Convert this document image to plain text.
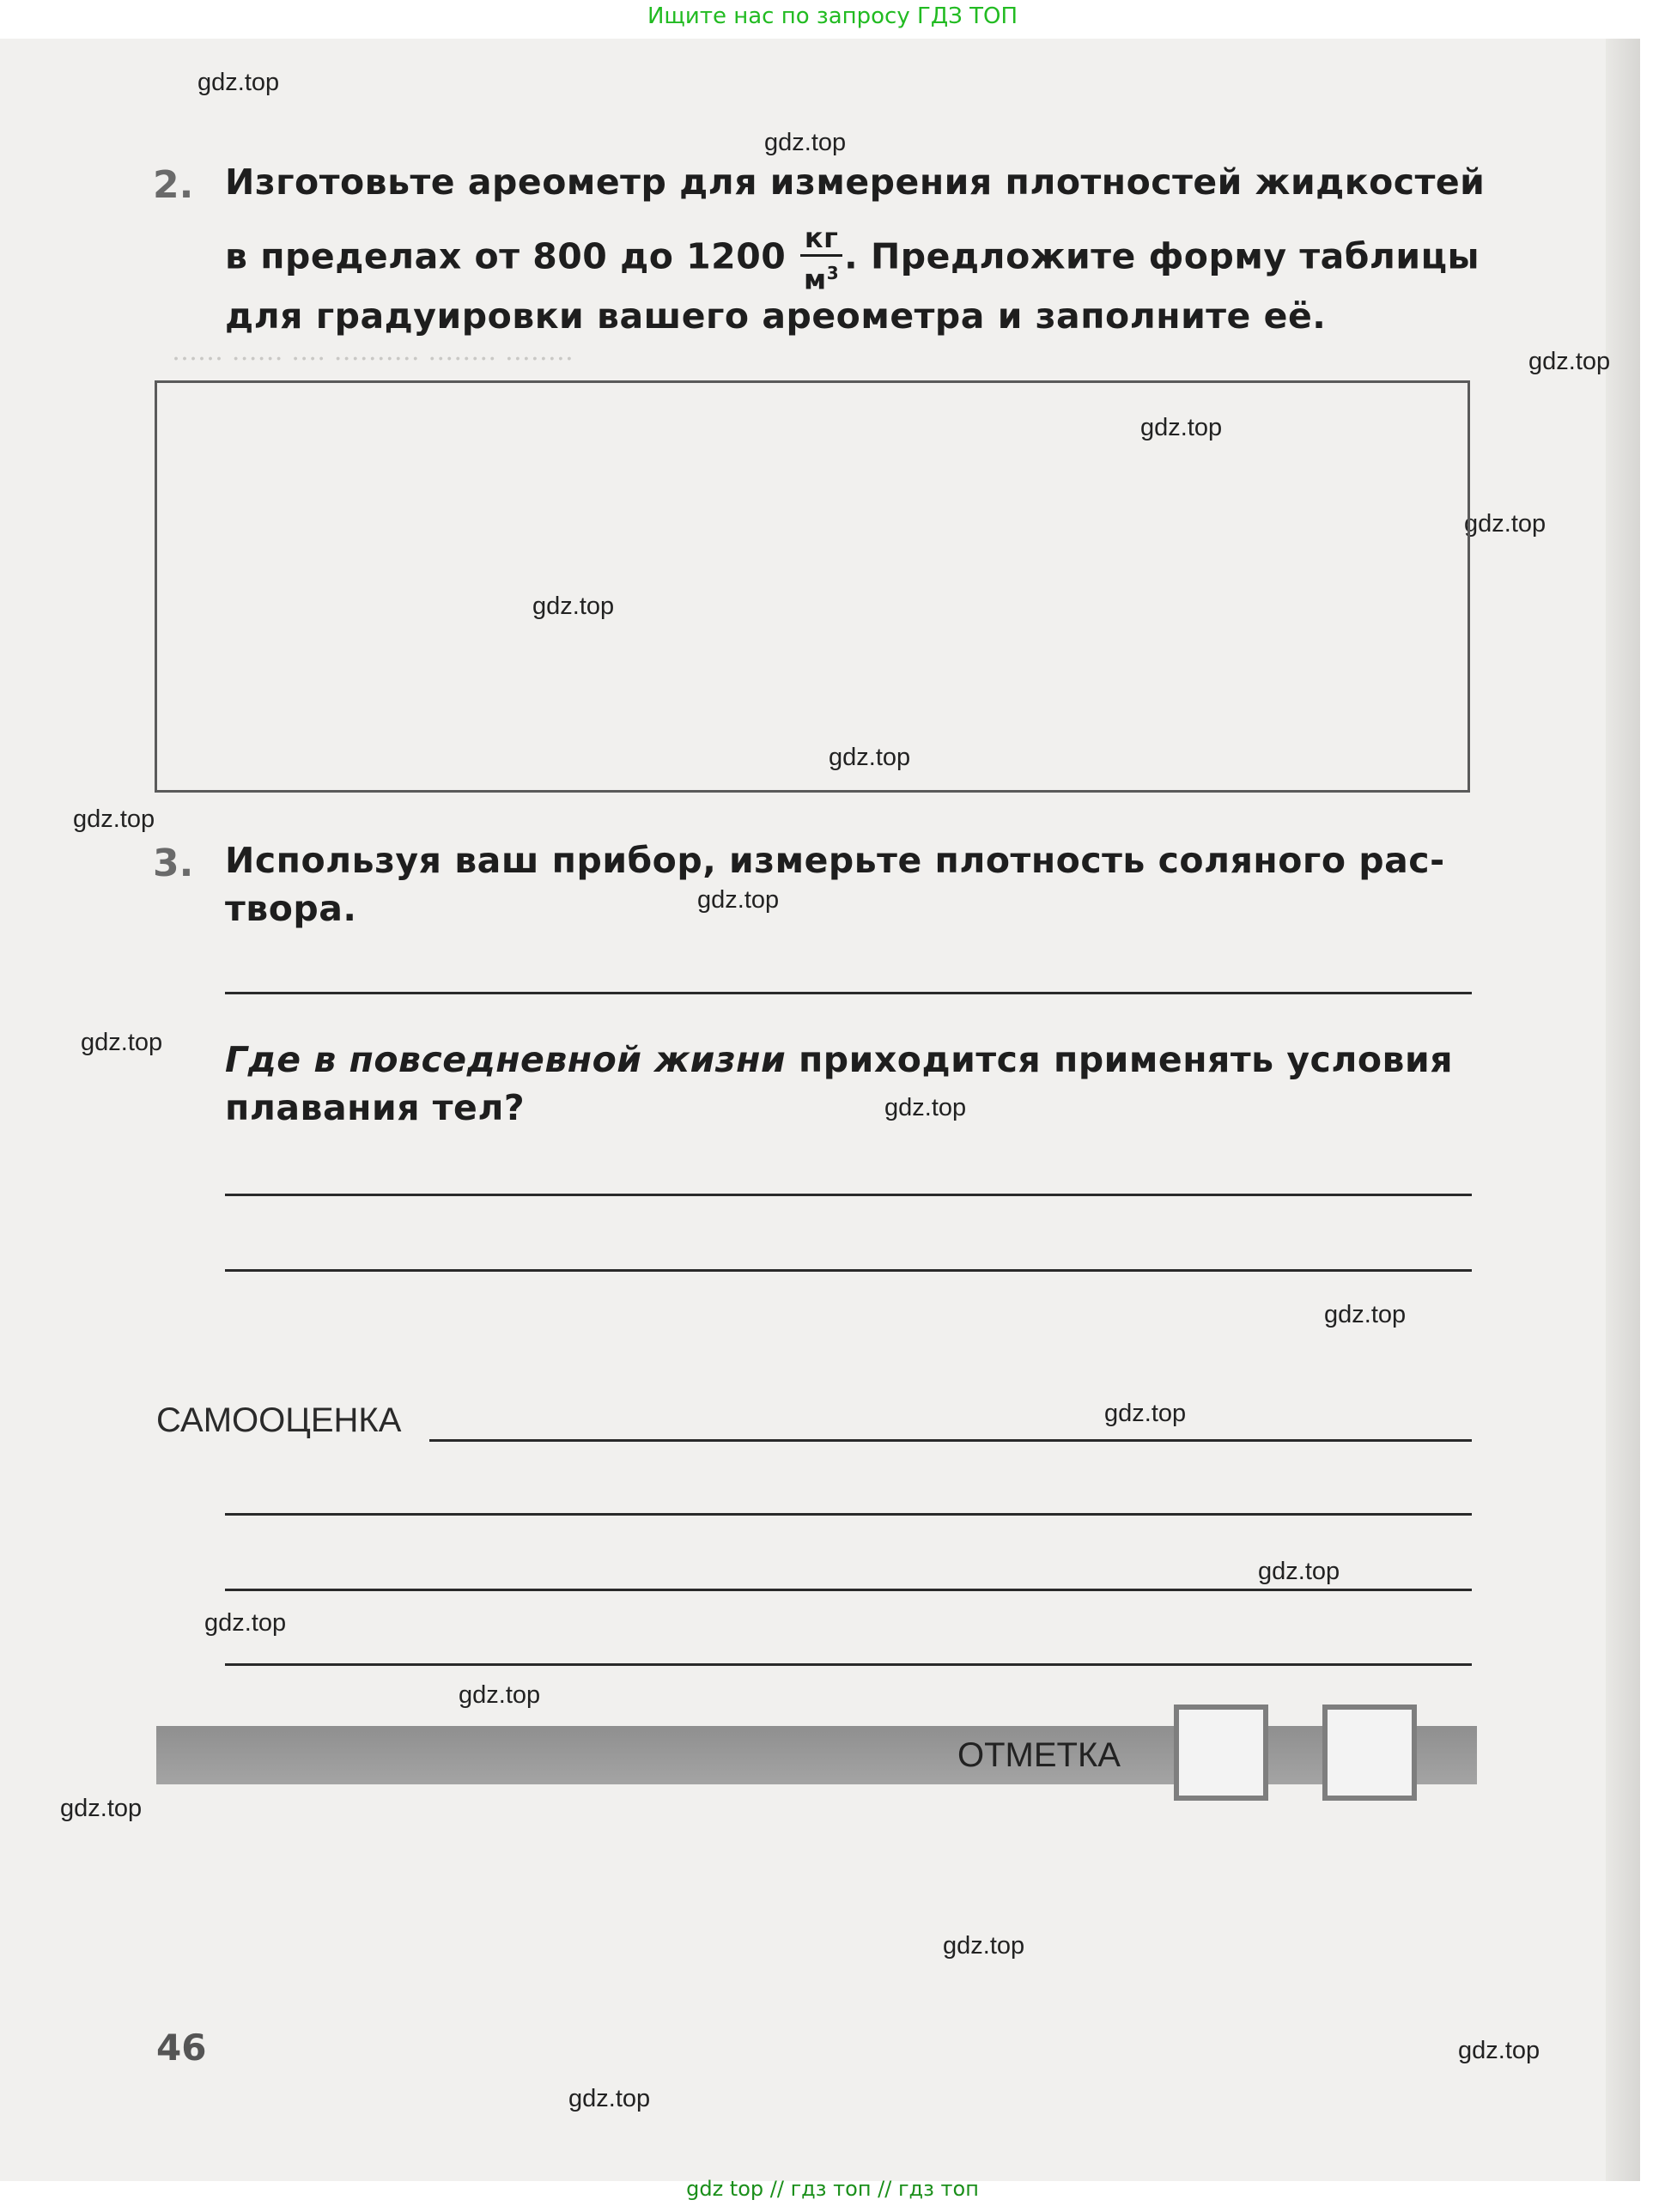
‥‥‥ ‥‥‥ ‥‥ ‥‥‥‥‥ ‥‥‥‥ ‥‥‥‥
Ищите нас по запросу ГДЗ ТОП
gdz.top
gdz.top
gdz.top
gdz.top
gdz.top
gdz.top
gdz.top
gdz.top
gdz.top
gdz.top
gdz.top
gdz.top
gdz.top
gdz.top
gdz.top
gdz.top
gdz.top
gdz.top
gdz.top
gdz.top
2. Изготовьте ареометр для измерения плотностей жидкостей
в пределах от 800 до $1200 \frac{кг}{м^3}$ . Предложите форму таблицы
для градуировки вашего ареометра и заполните её.
3. Используя ваш прибор, измерьте плотность соляного рас-
твора.
Где в повседневной жизни приходится применять условия
плавания тел?
САМООЦЕНКА
ОТМЕТКА
46
gdz top // гдз топ // гдз топ
